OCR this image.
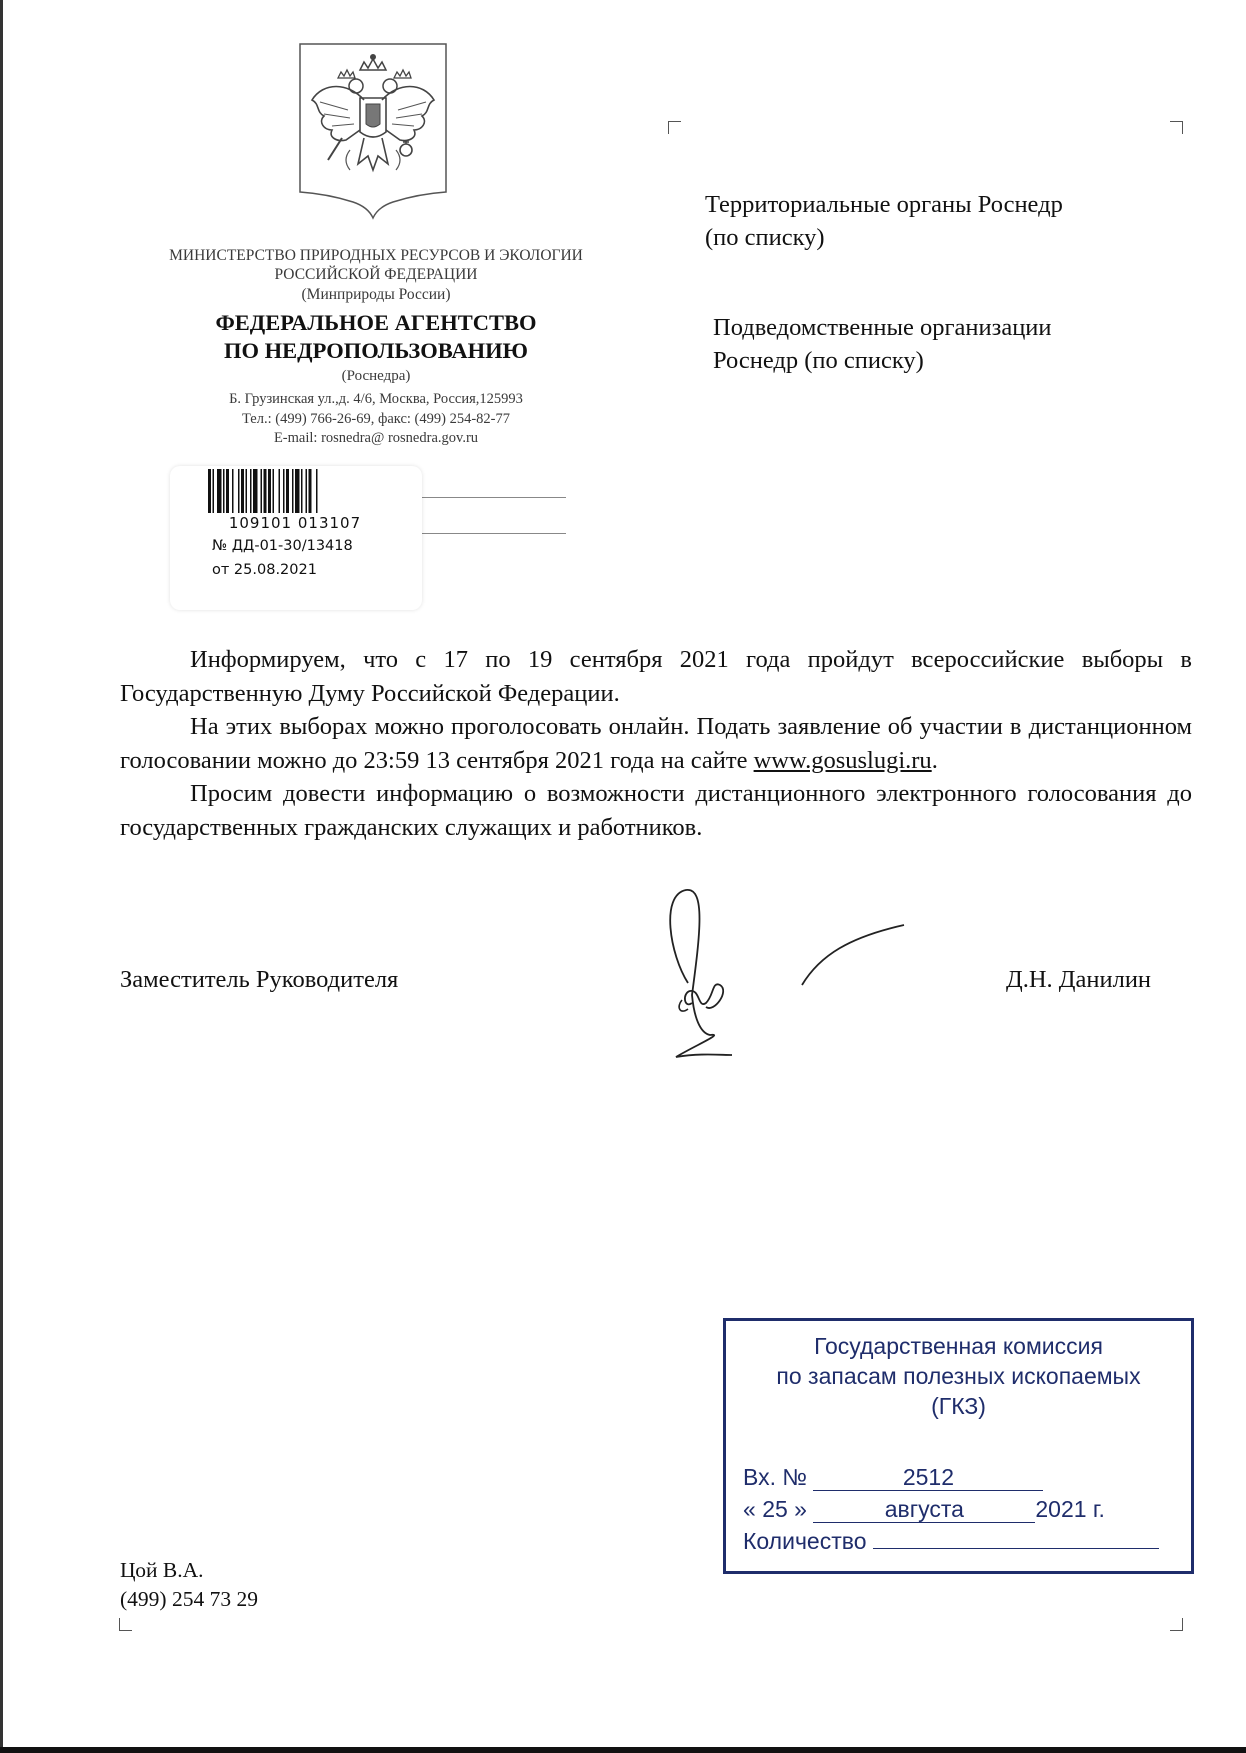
МИНИСТЕРСТВО ПРИРОДНЫХ РЕСУРСОВ И ЭКОЛОГИИ
РОССИЙСКОЙ ФЕДЕРАЦИИ
(Минприроды России)
ФЕДЕРАЛЬНОЕ АГЕНТСТВО
ПО НЕДРОПОЛЬЗОВАНИЮ
(Роснедра)
Б. Грузинская ул.,д. 4/6, Москва, Россия,125993
Тел.: (499) 766-26-69, факс: (499) 254-82-77
E-mail: rosnedra@ rosnedra.gov.ru
109101 013107
№ ДД-01-30/13418
от 25.08.2021
Территориальные органы Роснедр
(по списку)
Подведомственные организации
Роснедр (по списку)
Информируем, что с 17 по 19 сентября 2021 года пройдут всероссийские выборы в Государственную Думу Российской Федерации.
На этих выборах можно проголосовать онлайн. Подать заявление об участии в дистанционном голосовании можно до 23:59 13 сентября 2021 года на сайте www.gosuslugi.ru.
Просим довести информацию о возможности дистанционного электронного голосования до государственных гражданских служащих и работников.
Заместитель Руководителя	Д.Н. Данилин
Цой В.А.
(499) 254 73 29
Государственная комиссия
по запасам полезных ископаемых
(ГКЗ)
Вх. №	2512
« 25 »	августа	2021 г.
Количество
